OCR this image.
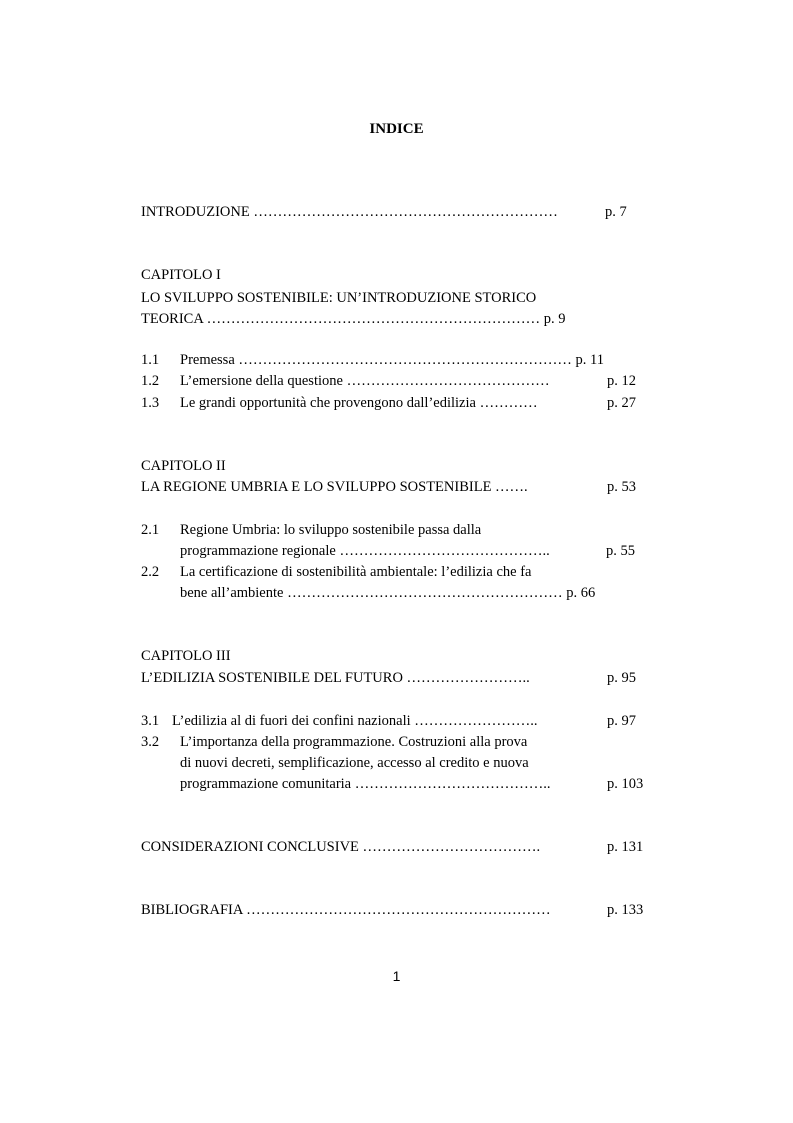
INDICE
INTRODUZIONE ………………………………………………………	p. 7
CAPITOLO I
LO SVILUPPO SOSTENIBILE: UN’INTRODUZIONE STORICO
TEORICA …………………………………………………………… p. 9
1.1 Premessa …………………………………………………………… p. 11
1.2 L’emersione della questione ……………………………………	p. 12
1.3 Le grandi opportunità che provengono dall’edilizia …………	p. 27
CAPITOLO II
LA REGIONE UMBRIA E LO SVILUPPO SOSTENIBILE …….	p. 53
2.1 Regione Umbria: lo sviluppo sostenibile passa dalla
programmazione regionale ……………………………………..	p. 55
2.2 La certificazione di sostenibilità ambientale: l’edilizia che fa
bene all’ambiente ………………………………………………… p. 66
CAPITOLO III
L’EDILIZIA SOSTENIBILE DEL FUTURO ……………………..	p. 95
3.1 L’edilizia al di fuori dei confini nazionali ……………………..	p. 97
3.2 L’importanza della programmazione. Costruzioni alla prova
di nuovi decreti, semplificazione, accesso al credito e nuova
programmazione comunitaria …………………………………..	p. 103
CONSIDERAZIONI CONCLUSIVE ……………………………….	p. 131
BIBLIOGRAFIA ………………………………………………………	p. 133
1
